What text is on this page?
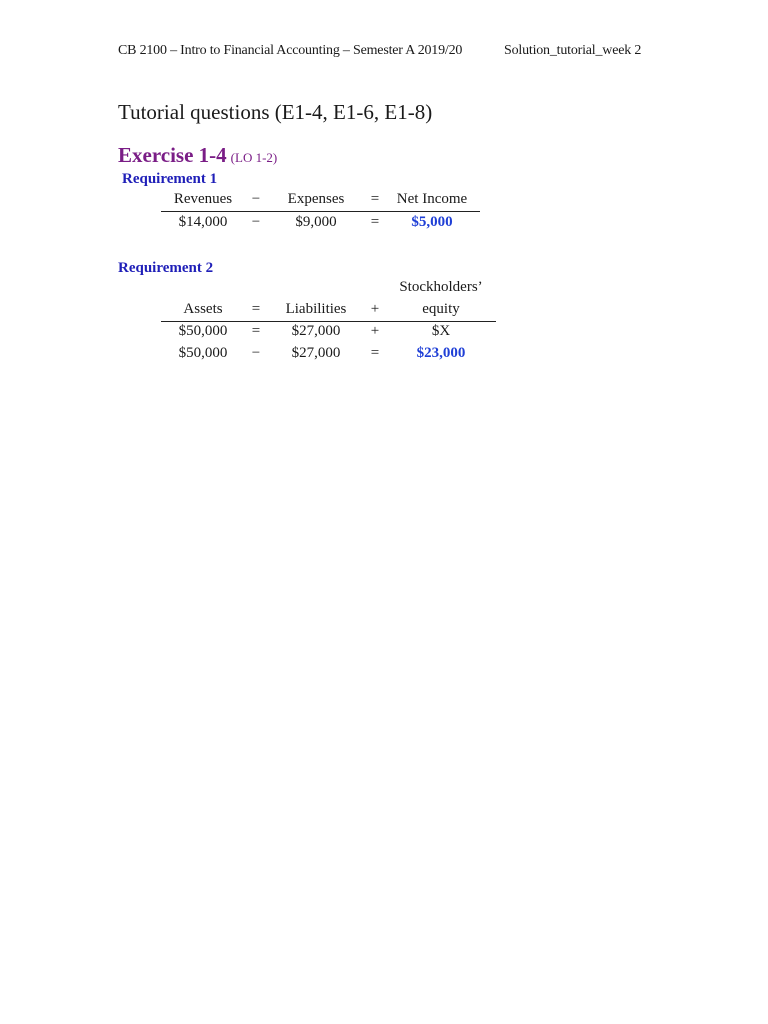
CB 2100 – Intro to Financial Accounting – Semester A 2019/20	Solution_tutorial_week 2
Tutorial questions (E1-4, E1-6, E1-8)
Exercise 1-4 (LO 1-2)
Requirement 1
Revenues	−	Expenses	=	Net Income
$14,000	−	$9,000	=	$5,000
Requirement 2
Stockholders’
Assets	=	Liabilities	+	equity
$50,000	=	$27,000	+	$X
$50,000	−	$27,000	=	$23,000
